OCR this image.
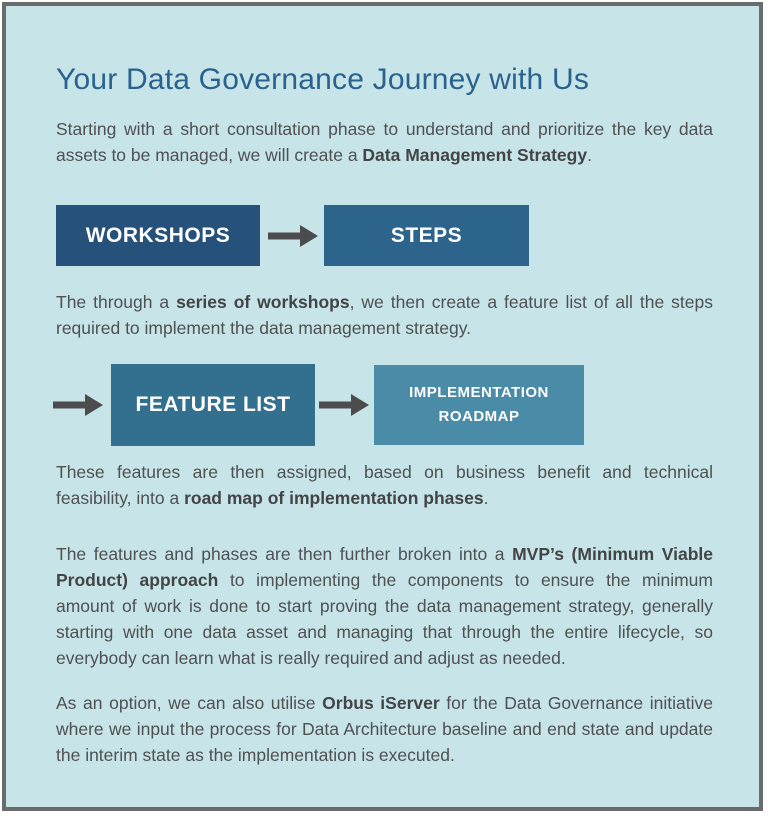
Your Data Governance Journey with Us

Starting with a short consultation phase to understand and prioritize the key data assets to be managed, we will create a Data Management Strategy.

WORKSHOPS	STEPS

The through a series of workshops, we then create a feature list of all the steps required to implement the data management strategy.

FEATURE LIST
IMPLEMENTATION ROADMAP

These features are then assigned, based on business benefit and technical feasibility, into a road map of implementation phases.

The features and phases are then further broken into a MVP’s (Minimum Viable Product) approach to implementing the components to ensure the minimum amount of work is done to start proving the data management strategy, generally starting with one data asset and managing that through the entire lifecycle, so everybody can learn what is really required and adjust as needed.

As an option, we can also utilise Orbus iServer for the Data Governance initiative where we input the process for Data Architecture baseline and end state and update the interim state as the implementation is executed.
